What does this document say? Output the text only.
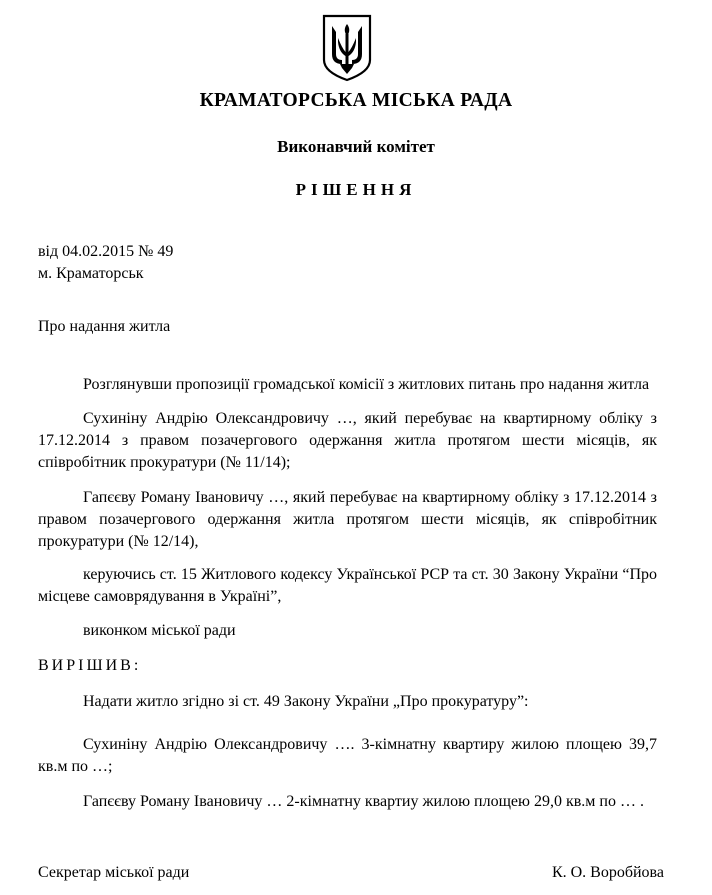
КРАМАТОРСЬКА МІСЬКА РАДА
Виконавчий комітет
РІШЕННЯ
від 04.02.2015 № 49
м. Краматорськ
Про надання житла
Розглянувши пропозиції громадської комісії з житлових питань про надання житла
Сухиніну Андрію Олександровичу …, який перебуває на квартирному обліку з 17.12.2014 з правом позачергового одержання житла протягом шести місяців, як співробітник прокуратури (№ 11/14);
Гапєєву Роману Івановичу …, який перебуває на квартирному обліку з 17.12.2014 з правом позачергового одержання житла протягом шести місяців, як співробітник прокуратури (№ 12/14),
керуючись ст. 15 Житлового кодексу Української РСР та ст. 30 Закону України “Про місцеве самоврядування в Україні”,
виконком міської ради
ВИРІШИВ:
Надати житло згідно зі ст. 49 Закону України „Про прокуратуру”:
Сухиніну Андрію Олександровичу …. 3-кімнатну квартиру жилою площею 39,7 кв.м по …;
Гапєєву Роману Івановичу … 2-кімнатну квартиу жилою площею 29,0 кв.м по … .
Секретар міської ради	К. О. Воробйова
